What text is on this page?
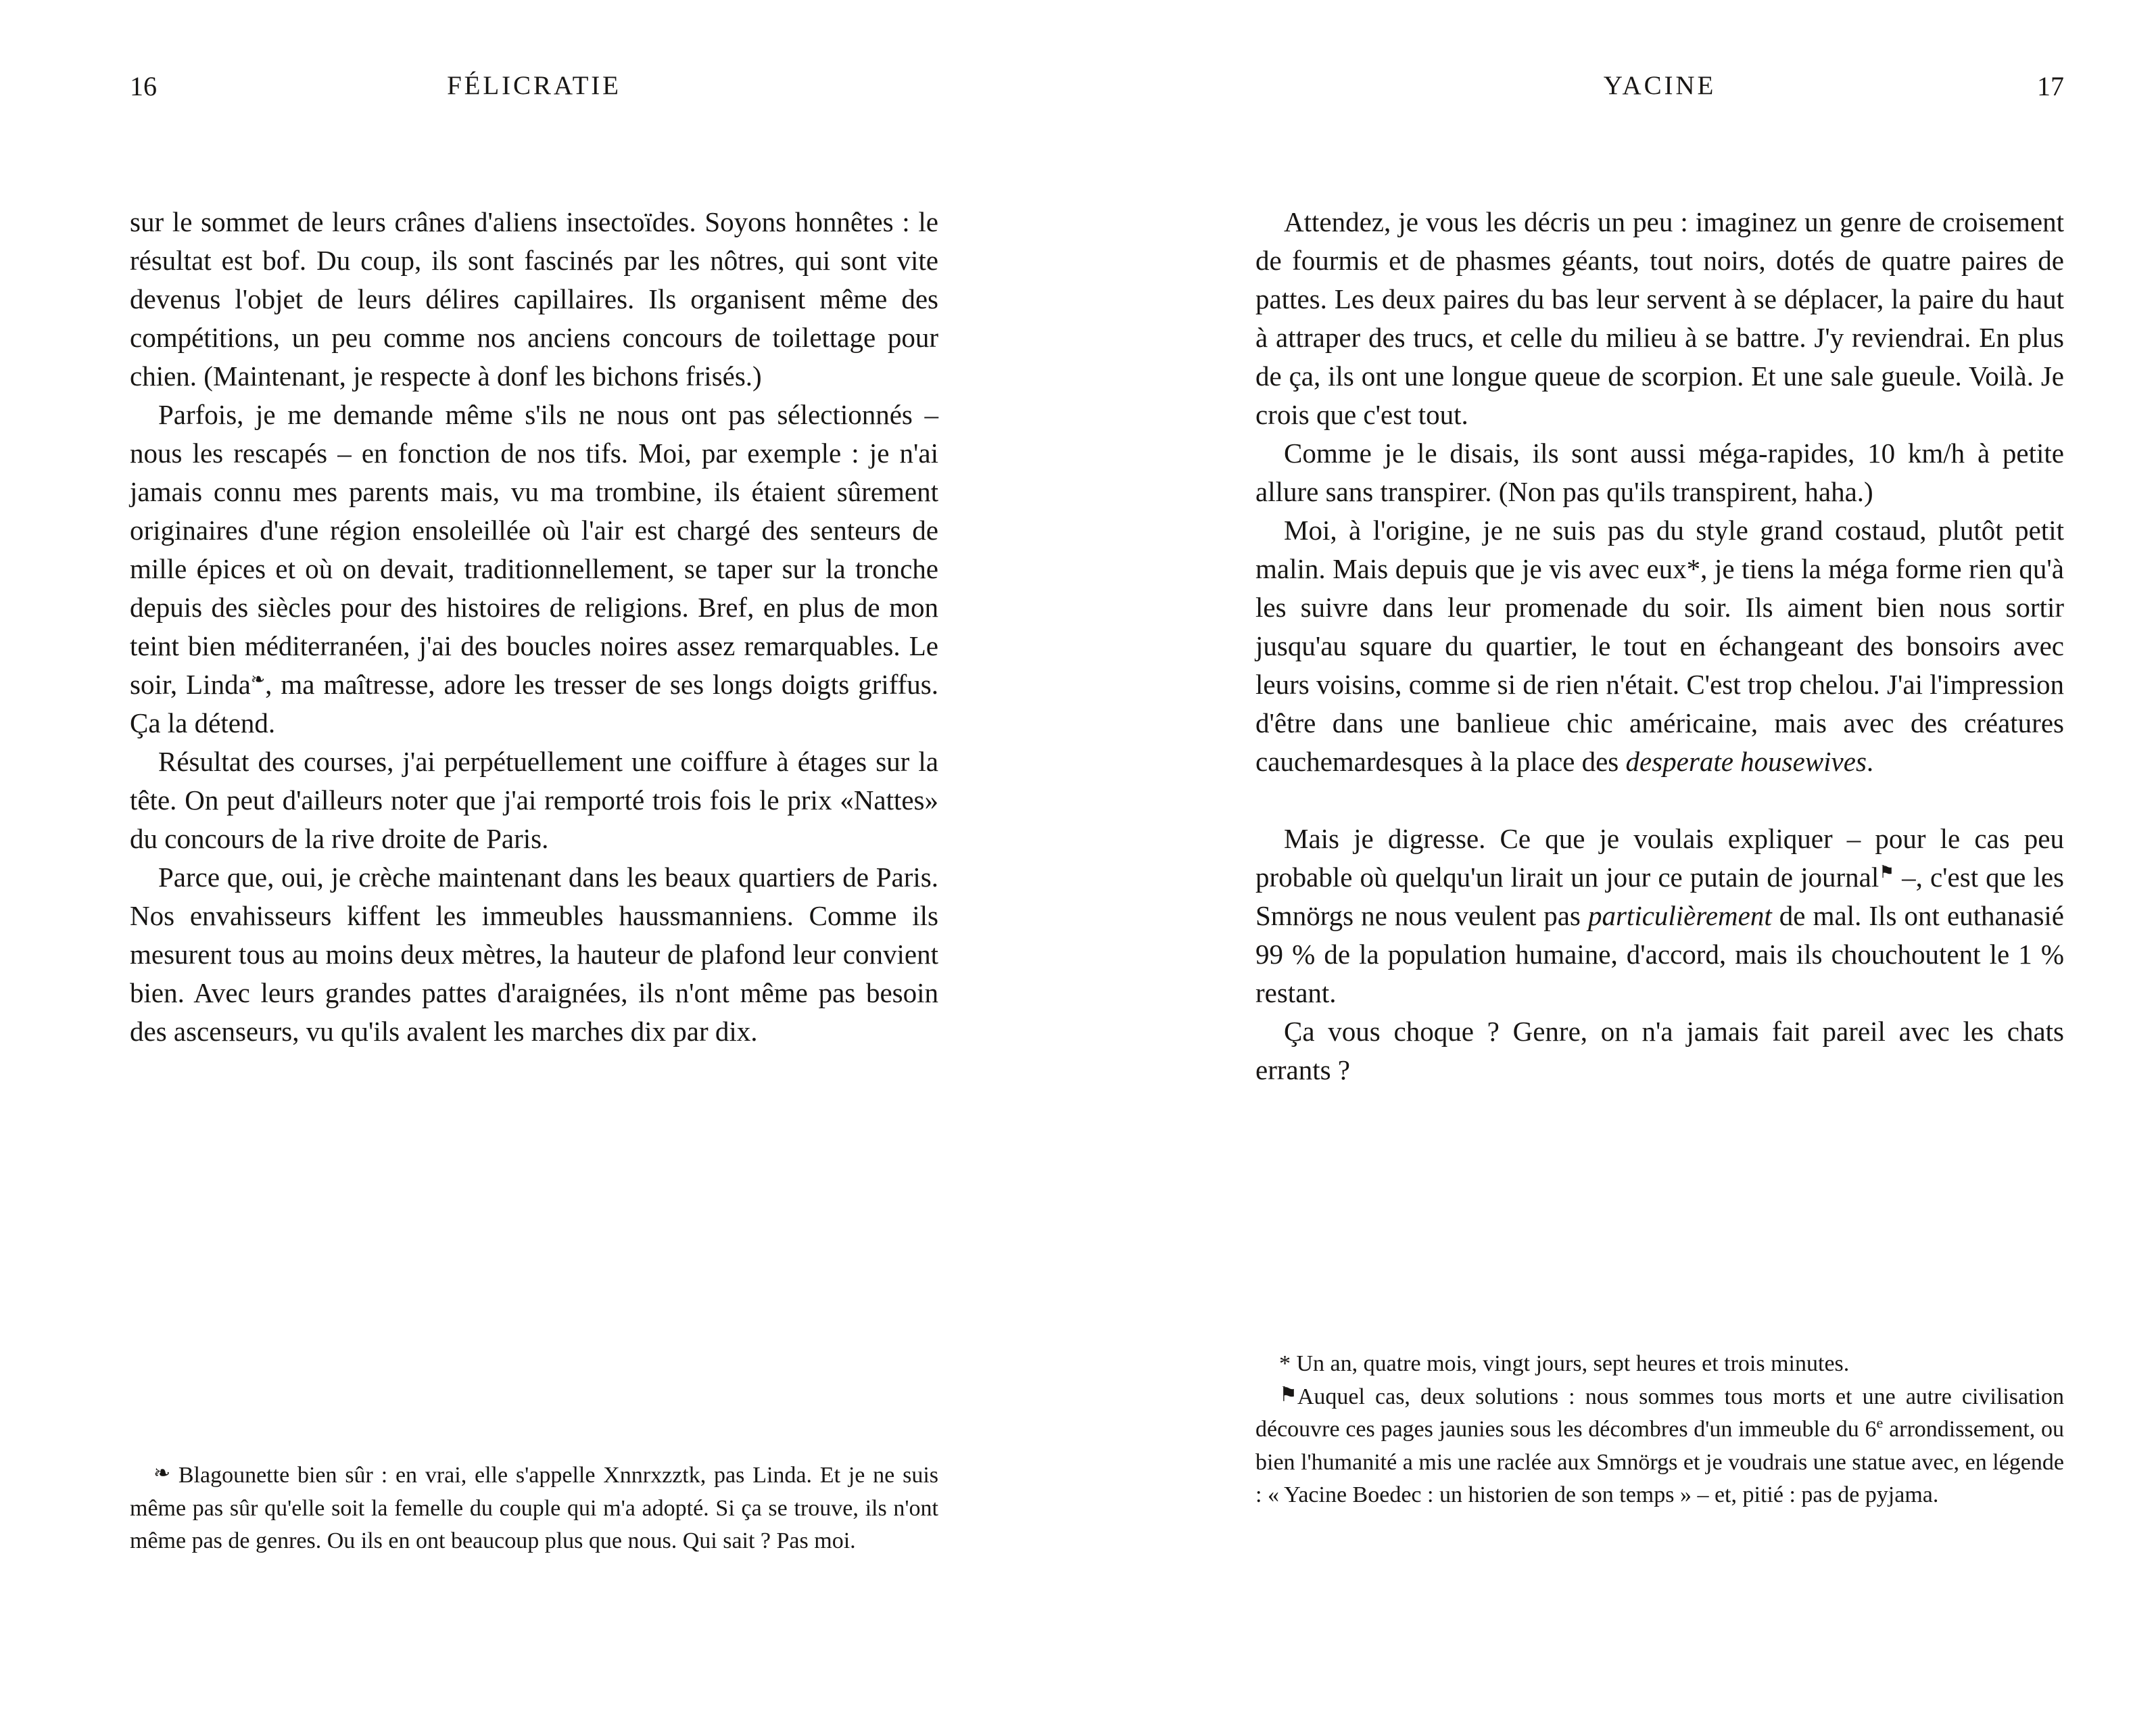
16	FÉLICRATIE

sur le sommet de leurs crânes d'aliens insectoïdes. Soyons honnêtes : le résultat est bof. Du coup, ils sont fascinés par les nôtres, qui sont vite devenus l'objet de leurs délires capillaires. Ils organisent même des compétitions, un peu comme nos anciens concours de toilettage pour chien. (Maintenant, je respecte à donf les bichons frisés.)

Parfois, je me demande même s'ils ne nous ont pas sélectionnés – nous les rescapés – en fonction de nos tifs. Moi, par exemple : je n'ai jamais connu mes parents mais, vu ma trombine, ils étaient sûrement originaires d'une région ensoleillée où l'air est chargé des senteurs de mille épices et où on devait, traditionnellement, se taper sur la tronche depuis des siècles pour des histoires de religions. Bref, en plus de mon teint bien méditerranéen, j'ai des boucles noires assez remarquables. Le soir, Linda❧, ma maîtresse, adore les tresser de ses longs doigts griffus. Ça la détend.

Résultat des courses, j'ai perpétuellement une coiffure à étages sur la tête. On peut d'ailleurs noter que j'ai remporté trois fois le prix «Nattes» du concours de la rive droite de Paris.

Parce que, oui, je crèche maintenant dans les beaux quartiers de Paris. Nos envahisseurs kiffent les immeubles haussmanniens. Comme ils mesurent tous au moins deux mètres, la hauteur de plafond leur convient bien. Avec leurs grandes pattes d'araignées, ils n'ont même pas besoin des ascenseurs, vu qu'ils avalent les marches dix par dix.

❧ Blagounette bien sûr : en vrai, elle s'appelle Xnnrxzztk, pas Linda. Et je ne suis même pas sûr qu'elle soit la femelle du couple qui m'a adopté. Si ça se trouve, ils n'ont même pas de genres. Ou ils en ont beaucoup plus que nous. Qui sait ? Pas moi.

YACINE	17

Attendez, je vous les décris un peu : imaginez un genre de croisement de fourmis et de phasmes géants, tout noirs, dotés de quatre paires de pattes. Les deux paires du bas leur servent à se déplacer, la paire du haut à attraper des trucs, et celle du milieu à se battre. J'y reviendrai. En plus de ça, ils ont une longue queue de scorpion. Et une sale gueule. Voilà. Je crois que c'est tout.

Comme je le disais, ils sont aussi méga-rapides, 10 km/h à petite allure sans transpirer. (Non pas qu'ils transpirent, haha.)

Moi, à l'origine, je ne suis pas du style grand costaud, plutôt petit malin. Mais depuis que je vis avec eux*, je tiens la méga forme rien qu'à les suivre dans leur promenade du soir. Ils aiment bien nous sortir jusqu'au square du quartier, le tout en échangeant des bonsoirs avec leurs voisins, comme si de rien n'était. C'est trop chelou. J'ai l'impression d'être dans une banlieue chic américaine, mais avec des créatures cauchemardesques à la place des desperate housewives.

Mais je digresse. Ce que je voulais expliquer – pour le cas peu probable où quelqu'un lirait un jour ce putain de journal⚑ –, c'est que les Smnörgs ne nous veulent pas particulièrement de mal. Ils ont euthanasié 99 % de la population humaine, d'accord, mais ils chouchoutent le 1 % restant.

Ça vous choque ? Genre, on n'a jamais fait pareil avec les chats errants ?

* Un an, quatre mois, vingt jours, sept heures et trois minutes.

⚑Auquel cas, deux solutions : nous sommes tous morts et une autre civilisation découvre ces pages jaunies sous les décombres d'un immeuble du 6e arrondissement, ou bien l'humanité a mis une raclée aux Smnörgs et je voudrais une statue avec, en légende : « Yacine Boedec : un historien de son temps » – et, pitié : pas de pyjama.
